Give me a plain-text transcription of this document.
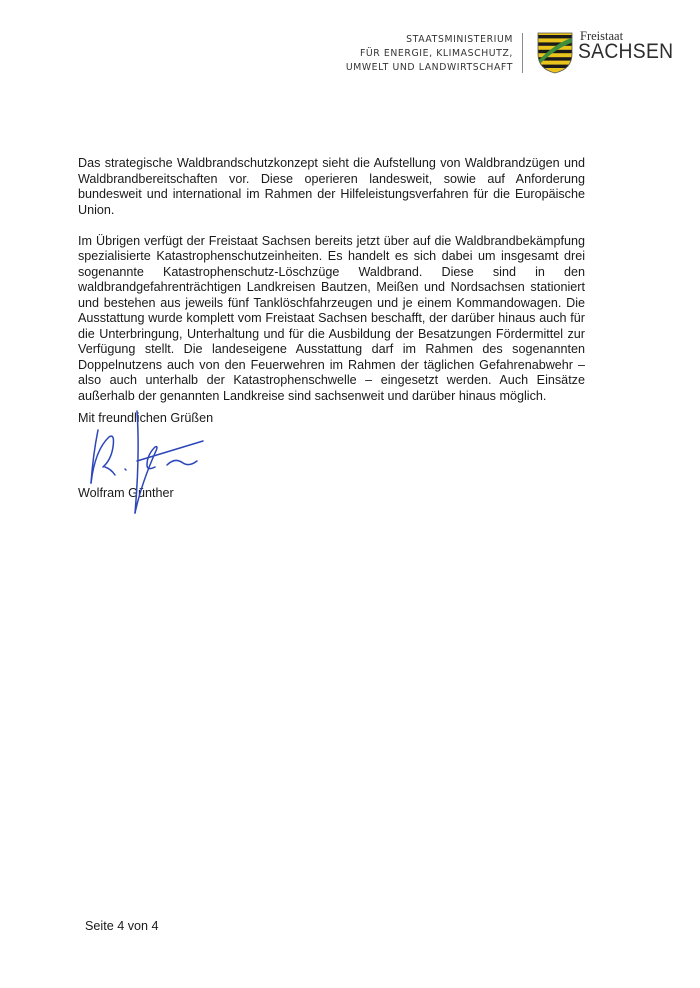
STAATSMINISTERIUM
FÜR ENERGIE, KLIMASCHUTZ,
UMWELT UND LANDWIRTSCHAFT
Freistaat
SACHSEN

Das strategische Waldbrandschutzkonzept sieht die Aufstellung von Waldbrandzügen und Waldbrandbereitschaften vor. Diese operieren landesweit, sowie auf Anforderung bundesweit und international im Rahmen der Hilfeleistungsverfahren für die Europäische Union.

Im Übrigen verfügt der Freistaat Sachsen bereits jetzt über auf die Waldbrandbekämpfung spezialisierte Katastrophenschutzeinheiten. Es handelt es sich dabei um insgesamt drei sogenannte Katastrophenschutz-Löschzüge Waldbrand. Diese sind in den waldbrandgefahrenträchtigen Landkreisen Bautzen, Meißen und Nordsachsen stationiert und bestehen aus jeweils fünf Tanklöschfahrzeugen und je einem Kommandowagen. Die Ausstattung wurde komplett vom Freistaat Sachsen beschafft, der darüber hinaus auch für die Unterbringung, Unterhaltung und für die Ausbildung der Besatzungen Fördermittel zur Verfügung stellt. Die landeseigene Ausstattung darf im Rahmen des sogenannten Doppelnutzens auch von den Feuerwehren im Rahmen der täglichen Gefahrenabwehr – also auch unterhalb der Katastrophenschwelle – eingesetzt werden. Auch Einsätze außerhalb der genannten Landkreise sind sachsenweit und darüber hinaus möglich.

Mit freundlichen Grüßen
Wolfram Günther
Seite 4 von 4
